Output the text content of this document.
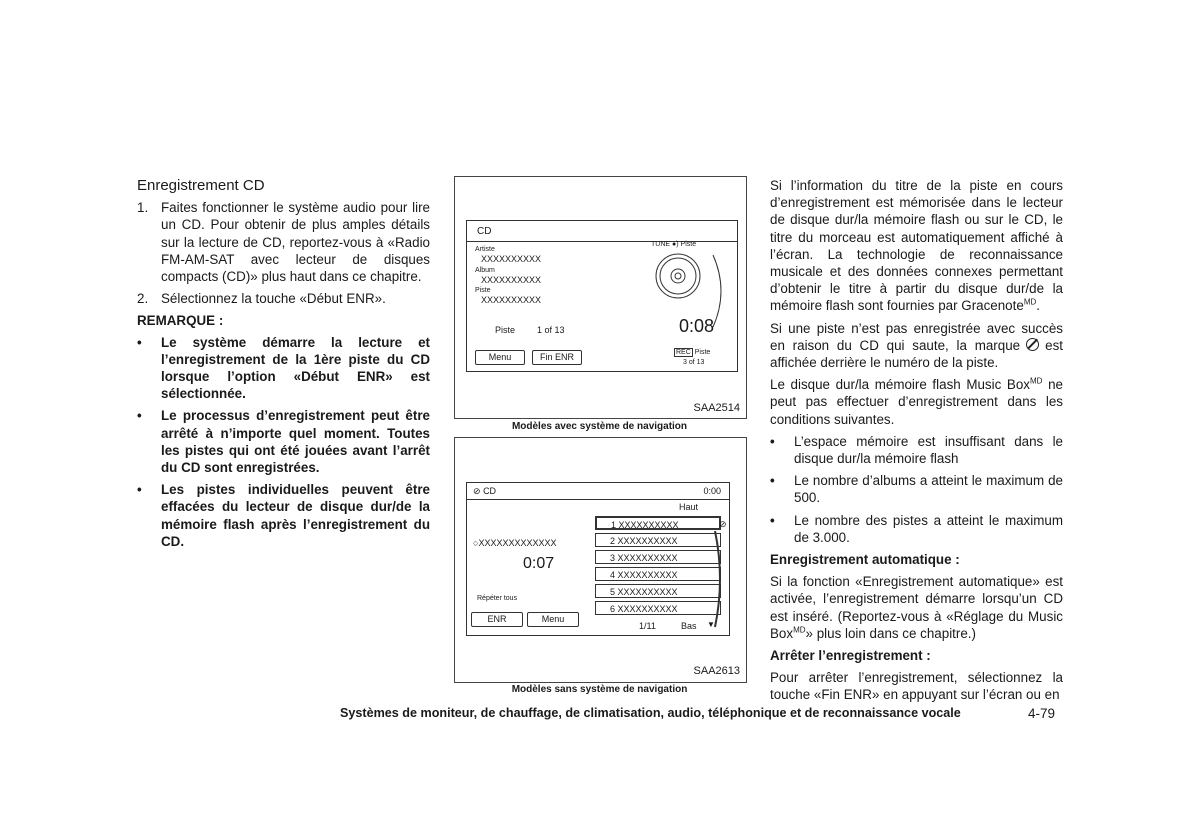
Enregistrement CD
1. Faites fonctionner le système audio pour lire un CD. Pour obtenir de plus amples détails sur la lecture de CD, reportez-vous à «Radio FM-AM-SAT avec lecteur de disques compacts (CD)» plus haut dans ce chapitre.
2. Sélectionnez la touche «Début ENR».
REMARQUE :
•	Le système démarre la lecture et l’enregistrement de la 1ère piste du CD lorsque l’option «Début ENR» est sélectionnée.
•	Le processus d’enregistrement peut être arrêté à n’importe quel moment. Toutes les pistes qui ont été jouées avant l’arrêt du CD sont enregistrées.
•	Les pistes individuelles peuvent être effacées du lecteur de disque dur/de la mémoire flash après l’enregistrement du CD.
CD
Artiste
XXXXXXXXXX
Album
XXXXXXXXXX
Piste
XXXXXXXXXX
TUNE ●) Piste
Piste 1 of 13	0:08
Menu	Fin ENR	REC Piste
3 of 13
SAA2514
Modèles avec système de navigation
⊘ CD	0:00
Haut
○XXXXXXXXXXXXX
0:07
Répéter tous
ENR	Menu
1 XXXXXXXXXX
2 XXXXXXXXXX
3 XXXXXXXXXX
4 XXXXXXXXXX
5 XXXXXXXXXX
6 XXXXXXXXXX
⊘
1/11	Bas ▼
SAA2613
Modèles sans système de navigation
Si l’information du titre de la piste en cours d’enregistrement est mémorisée dans le lecteur de disque dur/la mémoire flash ou sur le CD, le titre du morceau est automatiquement affiché à l’écran. La technologie de reconnaissance musicale et des données connexes permettant d’obtenir le titre à partir du disque dur/de la mémoire flash sont fournies par Gracenote$^{MD}$.
Si une piste n’est pas enregistrée avec succès en raison du CD qui saute, la marque est affichée derrière le numéro de la piste.
Le disque dur/la mémoire flash Music Box$^{MD}$ ne peut pas effectuer d’enregistrement dans les conditions suivantes.
•	L’espace mémoire est insuffisant dans le disque dur/la mémoire flash
•	Le nombre d’albums a atteint le maximum de 500.
•	Le nombre des pistes a atteint le maximum de 3.000.
Enregistrement automatique :
Si la fonction «Enregistrement automatique» est activée, l’enregistrement démarre lorsqu’un CD est inséré. (Reportez-vous à «Réglage du Music Box$^{MD}$» plus loin dans ce chapitre.)
Arrêter l’enregistrement :
Pour arrêter l’enregistrement, sélectionnez la touche «Fin ENR» en appuyant sur l’écran ou en
Systèmes de moniteur, de chauffage, de climatisation, audio, téléphonique et de reconnaissance vocale	4-79
